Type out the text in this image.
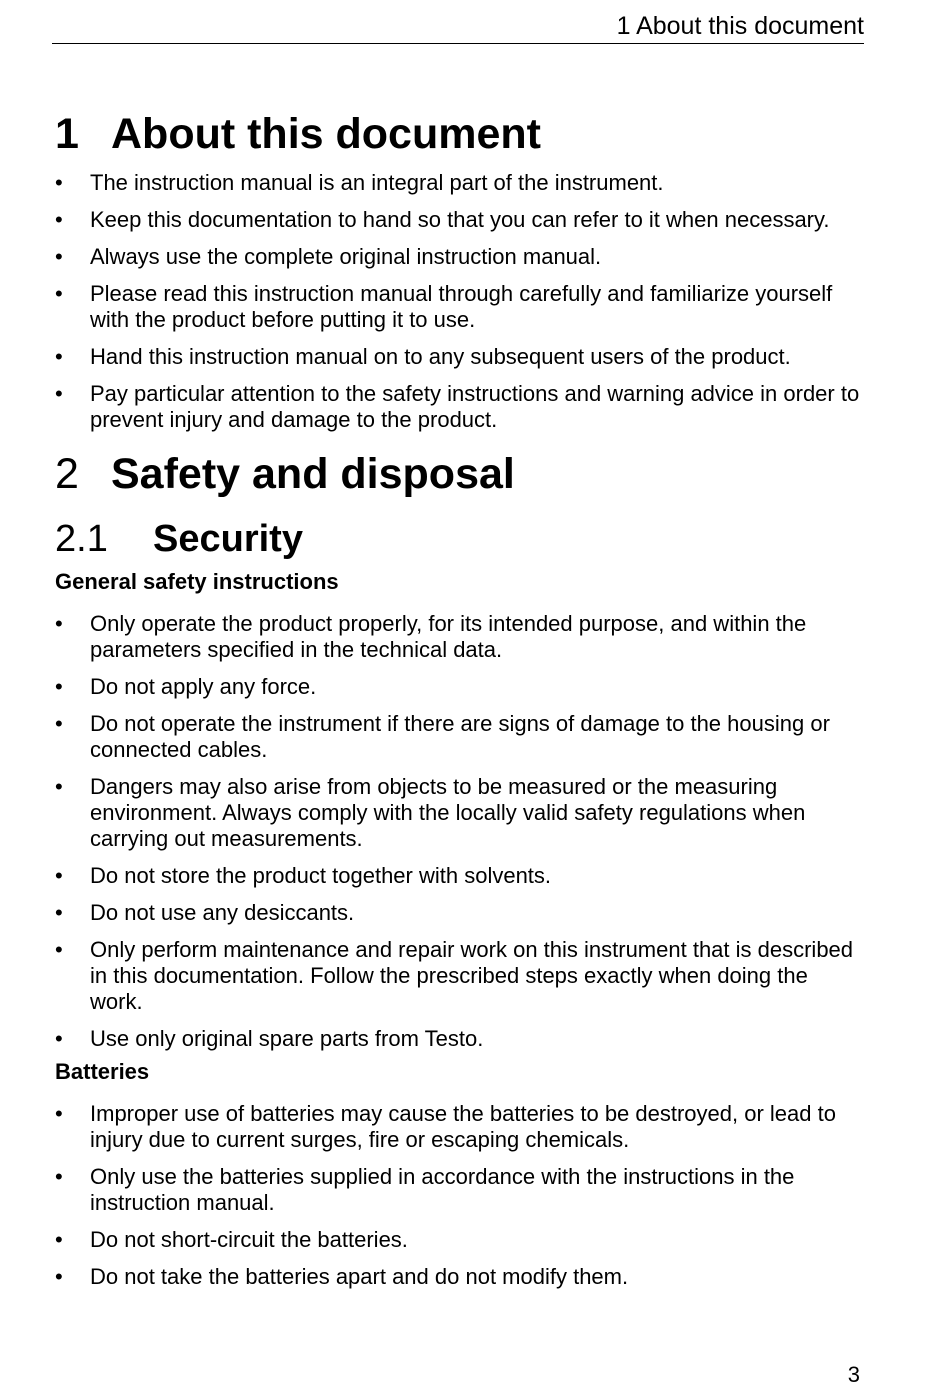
1 About this document
1 About this document
•	The instruction manual is an integral part of the instrument.
•	Keep this documentation to hand so that you can refer to it when necessary.
•	Always use the complete original instruction manual.
•	Please read this instruction manual through carefully and familiarize yourself with the product before putting it to use.
•	Hand this instruction manual on to any subsequent users of the product.
•	Pay particular attention to the safety instructions and warning advice in order to prevent injury and damage to the product.
2 Safety and disposal
2.1 Security
General safety instructions
•	Only operate the product properly, for its intended purpose, and within the parameters specified in the technical data.
•	Do not apply any force.
•	Do not operate the instrument if there are signs of damage to the housing or connected cables.
•	Dangers may also arise from objects to be measured or the measuring environment. Always comply with the locally valid safety regulations when carrying out measurements.
•	Do not store the product together with solvents.
•	Do not use any desiccants.
•	Only perform maintenance and repair work on this instrument that is described in this documentation. Follow the prescribed steps exactly when doing the work.
•	Use only original spare parts from Testo.
Batteries
•	Improper use of batteries may cause the batteries to be destroyed, or lead to injury due to current surges, fire or escaping chemicals.
•	Only use the batteries supplied in accordance with the instructions in the instruction manual.
•	Do not short-circuit the batteries.
•	Do not take the batteries apart and do not modify them.
3
